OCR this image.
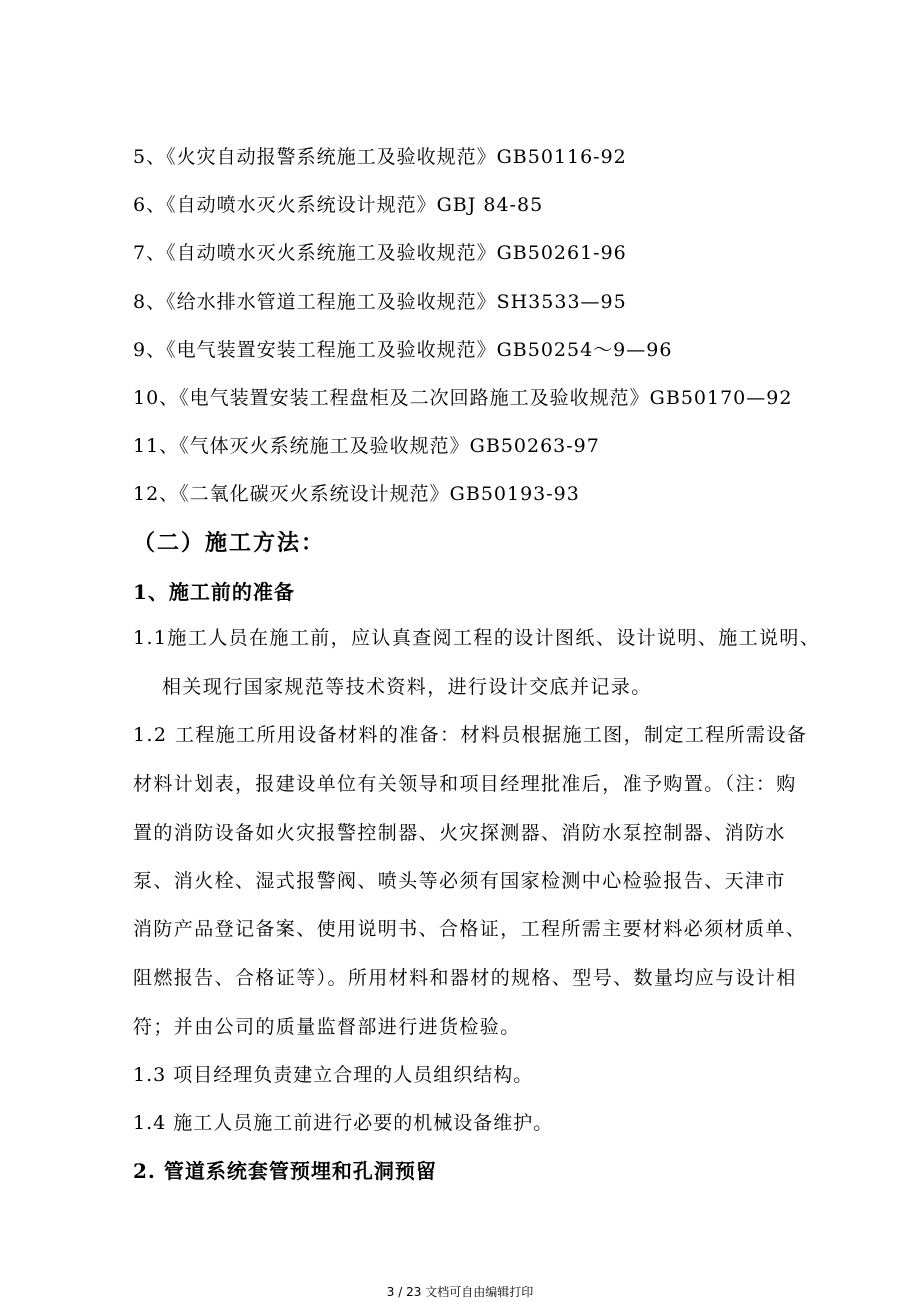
5、《火灾自动报警系统施工及验收规范》GB50116-92
6、《自动喷水灭火系统设计规范》GBJ 84-85
7、《自动喷水灭火系统施工及验收规范》GB50261-96
8、《给水排水管道工程施工及验收规范》SH3533—95
9、《电气装置安装工程施工及验收规范》GB50254～9—96
10、《电气装置安装工程盘柜及二次回路施工及验收规范》GB50170—92
11、《气体灭火系统施工及验收规范》GB50263-97
12、《二氧化碳灭火系统设计规范》GB50193-93
（二）施工方法：
1、施工前的准备
1.1施工人员在施工前，应认真查阅工程的设计图纸、设计说明、施工说明、
相关现行国家规范等技术资料，进行设计交底并记录。
1.2 工程施工所用设备材料的准备：材料员根据施工图，制定工程所需设备
材料计划表，报建设单位有关领导和项目经理批准后，准予购置。（注：购
置的消防设备如火灾报警控制器、火灾探测器、消防水泵控制器、消防水
泵、消火栓、湿式报警阀、喷头等必须有国家检测中心检验报告、天津市
消防产品登记备案、使用说明书、合格证，工程所需主要材料必须材质单、
阻燃报告、合格证等）。所用材料和器材的规格、型号、数量均应与设计相
符；并由公司的质量监督部进行进货检验。
1.3 项目经理负责建立合理的人员组织结构。
1.4 施工人员施工前进行必要的机械设备维护。
2. 管道系统套管预埋和孔洞预留
3 / 23 文档可自由编辑打印
